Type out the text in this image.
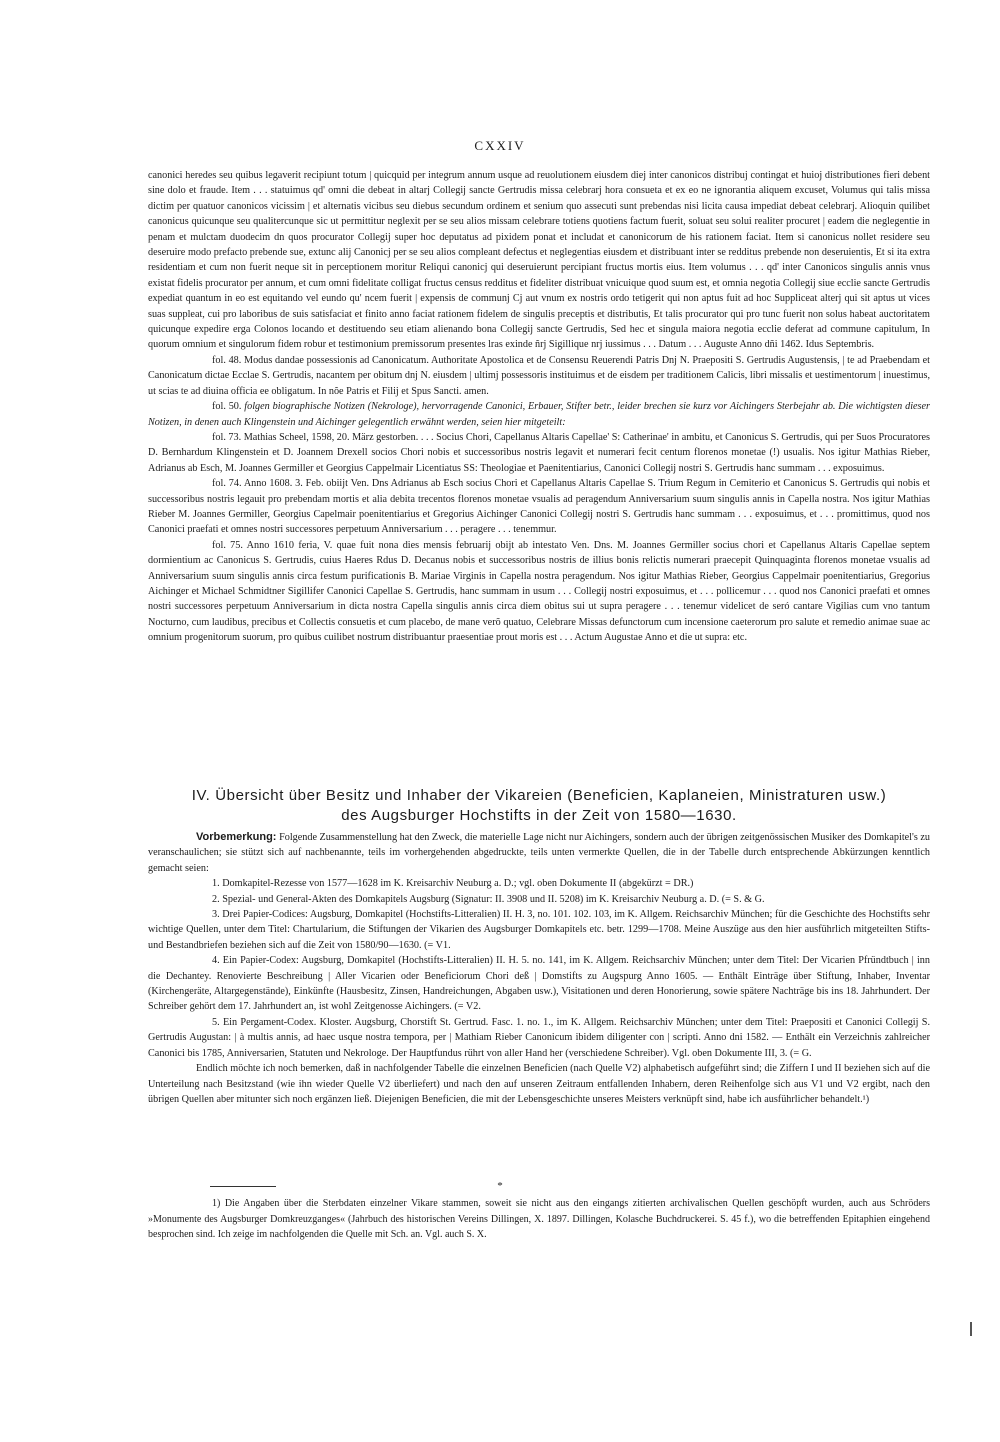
CXXIV

canonici heredes seu quibus legaverit recipiunt totum | quicquid per integrum annum usque ad reuolutionem eiusdem diej inter canonicos distribuj contingat et huioj distributiones fieri debent sine dolo et fraude. Item . . . statuimus qd' omni die debeat in altarj Collegij sancte Gertrudis missa celebrarj hora consueta et ex eo ne ignorantia aliquem excuset, Volumus qui talis missa dictim per quatuor canonicos vicissim | et alternatis vicibus seu diebus secundum ordinem et senium quo assecuti sunt prebendas nisi licita causa impediat debeat celebrarj. Alioquin quilibet canonicus quicunque seu qualitercunque sic ut permittitur neglexit per se seu alios missam celebrare totiens quotiens factum fuerit, soluat seu solui realiter procuret | eadem die neglegentie in penam et mulctam duodecim dn quos procurator Collegij super hoc deputatus ad pixidem ponat et includat et canonicorum de his rationem faciat. Item si canonicus nollet residere seu deseruire modo prefacto prebende sue, extunc alij Canonicj per se seu alios compleant defectus et neglegentias eiusdem et distribuant inter se redditus prebende non deseruientis, Et si ita extra residentiam et cum non fuerit neque sit in perceptionem moritur Reliqui canonicj qui deseruierunt percipiant fructus mortis eius. Item volumus . . . qd' inter Canonicos singulis annis vnus existat fidelis procurator per annum, et cum omni fidelitate colligat fructus census redditus et fideliter distribuat vnicuique quod suum est, et omnia negotia Collegij siue ecclie sancte Gertrudis expediat quantum in eo est equitando vel eundo qu' ncem fuerit | expensis de communj Cj aut vnum ex nostris ordo tetigerit qui non aptus fuit ad hoc Suppliceat alterj qui sit aptus ut vices suas suppleat, cui pro laboribus de suis satisfaciat et finito anno faciat rationem fidelem de singulis preceptis et distributis, Et talis procurator qui pro tunc fuerit non solus habeat auctoritatem quicunque expedire erga Colonos locando et destituendo seu etiam alienando bona Collegij sancte Gertrudis, Sed hec et singula maiora negotia ecclie deferat ad commune capitulum, In quorum omnium et singulorum fidem robur et testimonium premissorum presentes lras exinde ñrj Sigillique nrj iussimus . . . Datum . . . Auguste Anno dñi 1462. Idus Septembris.

fol. 48. Modus dandae possessionis ad Canonicatum. Authoritate Apostolica et de Consensu Reuerendi Patris Dnj N. Praepositi S. Gertrudis Augustensis, | te ad Praebendam et Canonicatum dictae Ecclae S. Gertrudis, nacantem per obitum dnj N. eiusdem | ultimj possessoris instituimus et de eisdem per traditionem Calicis, libri missalis et uestimentorum | inuestimus, ut scias te ad diuina officia ee obligatum. In nõe Patris et Filij et Spus Sancti. amen.

fol. 50. folgen biographische Notizen (Nekrologe), hervorragende Canonici, Erbauer, Stifter betr., leider brechen sie kurz vor Aichingers Sterbejahr ab. Die wichtigsten dieser Notizen, in denen auch Klingenstein und Aichinger gelegentlich erwähnt werden, seien hier mitgeteilt:

fol. 73. Mathias Scheel, 1598, 20. März gestorben. . . . Socius Chori, Capellanus Altaris Capellae' S: Catherinae' in ambitu, et Canonicus S. Gertrudis, qui per Suos Procuratores D. Bernhardum Klingenstein et D. Joannem Drexell socios Chori nobis et successoribus nostris legavit et numerari fecit centum florenos monetae (!) usualis. Nos igitur Mathias Rieber, Adrianus ab Esch, M. Joannes Germiller et Georgius Cappelmair Licentiatus SS: Theologiae et Paenitentiarius, Canonici Collegij nostri S. Gertrudis hanc summam . . . exposuimus.

fol. 74. Anno 1608. 3. Feb. obiijt Ven. Dns Adrianus ab Esch socius Chori et Capellanus Altaris Capellae S. Trium Regum in Cemiterio et Canonicus S. Gertrudis qui nobis et successoribus nostris legauit pro prebendam mortis et alia debita trecentos florenos monetae vsualis ad peragendum Anniversarium suum singulis annis in Capella nostra. Nos igitur Mathias Rieber M. Joannes Germiller, Georgius Capelmair poenitentiarius et Gregorius Aichinger Canonici Collegij nostri S. Gertrudis hanc summam . . . exposuimus, et . . . promittimus, quod nos Canonici praefati et omnes nostri successores perpetuum Anniversarium . . . peragere . . . tenemmur.

fol. 75. Anno 1610 feria, V. quae fuit nona dies mensis februarij obijt ab intestato Ven. Dns. M. Joannes Germiller socius chori et Capellanus Altaris Capellae septem dormientium ac Canonicus S. Gertrudis, cuius Haeres Rdus D. Decanus nobis et successoribus nostris de illius bonis relictis numerari praecepit Quinquaginta florenos monetae vsualis ad Anniversarium suum singulis annis circa festum purificationis B. Mariae Virginis in Capella nostra peragendum. Nos igitur Mathias Rieber, Georgius Cappelmair poenitentiarius, Gregorius Aichinger et Michael Schmidtner Sigillifer Canonici Capellae S. Gertrudis, hanc summam in usum . . . Collegij nostri exposuimus, et . . . pollicemur . . . quod nos Canonici praefati et omnes nostri successores perpetuum Anniversarium in dicta nostra Capella singulis annis circa diem obitus sui ut supra peragere . . . tenemur videlicet de seró cantare Vigilias cum vno tantum Nocturno, cum laudibus, precibus et Collectis consuetis et cum placebo, de mane verõ quatuo, Celebrare Missas defunctorum cum incensione caeterorum pro salute et remedio animae suae ac omnium progenitorum suorum, pro quibus cuilibet nostrum distribuantur praesentiae prout moris est . . . Actum Augustae Anno et die ut supra: etc.

IV. Übersicht über Besitz und Inhaber der Vikareien (Beneficien, Kaplaneien, Ministraturen usw.)
des Augsburger Hochstifts in der Zeit von 1580—1630.

Vorbemerkung: Folgende Zusammenstellung hat den Zweck, die materielle Lage nicht nur Aichingers, sondern auch der übrigen zeitgenössischen Musiker des Domkapitel's zu veranschaulichen; sie stützt sich auf nachbenannte, teils im vorhergehenden abgedruckte, teils unten vermerkte Quellen, die in der Tabelle durch entsprechende Abkürzungen kenntlich gemacht seien:

1. Domkapitel-Rezesse von 1577—1628 im K. Kreisarchiv Neuburg a. D.; vgl. oben Dokumente II (abgekürzt = DR.)

2. Spezial- und General-Akten des Domkapitels Augsburg (Signatur: II. 3908 und II. 5208) im K. Kreisarchiv Neuburg a. D. (= S. & G.

3. Drei Papier-Codices: Augsburg, Domkapitel (Hochstifts-Litteralien) II. H. 3, no. 101. 102. 103, im K. Allgem. Reichsarchiv München; für die Geschichte des Hochstifts sehr wichtige Quellen, unter dem Titel: Chartularium, die Stiftungen der Vikarien des Augsburger Domkapitels etc. betr. 1299—1708. Meine Auszüge aus den hier ausführlich mitgeteilten Stifts- und Bestandbriefen beziehen sich auf die Zeit von 1580/90—1630. (= V1.

4. Ein Papier-Codex: Augsburg, Domkapitel (Hochstifts-Litteralien) II. H. 5. no. 141, im K. Allgem. Reichsarchiv München; unter dem Titel: Der Vicarien Pfründtbuch | inn die Dechantey. Renovierte Beschreibung | Aller Vicarien oder Beneficiorum Chori deß | Domstifts zu Augspurg Anno 1605. — Enthält Einträge über Stiftung, Inhaber, Inventar (Kirchengeräte, Altargegenstände), Einkünfte (Hausbesitz, Zinsen, Handreichungen, Abgaben usw.), Visitationen und deren Honorierung, sowie spätere Nachträge bis ins 18. Jahrhundert. Der Schreiber gehört dem 17. Jahrhundert an, ist wohl Zeitgenosse Aichingers. (= V2.

5. Ein Pergament-Codex. Kloster. Augsburg, Chorstift St. Gertrud. Fasc. 1. no. 1., im K. Allgem. Reichsarchiv München; unter dem Titel: Praepositi et Canonici Collegij S. Gertrudis Augustan: | à multis annis, ad haec usque nostra tempora, per | Mathiam Rieber Canonicum ibidem diligenter con | scripti. Anno dni 1582. — Enthält ein Verzeichnis zahlreicher Canonici bis 1785, Anniversarien, Statuten und Nekrologe. Der Hauptfundus rührt von aller Hand her (verschiedene Schreiber). Vgl. oben Dokumente III, 3. (= G.

Endlich möchte ich noch bemerken, daß in nachfolgender Tabelle die einzelnen Beneficien (nach Quelle V2) alphabetisch aufgeführt sind; die Ziffern I und II beziehen sich auf die Unterteilung nach Besitzstand (wie ihn wieder Quelle V2 überliefert) und nach den auf unseren Zeitraum entfallenden Inhabern, deren Reihenfolge sich aus V1 und V2 ergibt, nach den übrigen Quellen aber mitunter sich noch ergänzen ließ. Diejenigen Beneficien, die mit der Lebensgeschichte unseres Meisters verknüpft sind, habe ich ausführlicher behandelt.¹)

*
1) Die Angaben über die Sterbdaten einzelner Vikare stammen, soweit sie nicht aus den eingangs zitierten archivalischen Quellen geschöpft wurden, auch aus Schröders »Monumente des Augsburger Domkreuzganges« (Jahrbuch des historischen Vereins Dillingen, X. 1897. Dillingen, Kolasche Buchdruckerei. S. 45 f.), wo die betreffenden Epitaphien eingehend besprochen sind. Ich zeige im nachfolgenden die Quelle mit Sch. an. Vgl. auch S. X.
